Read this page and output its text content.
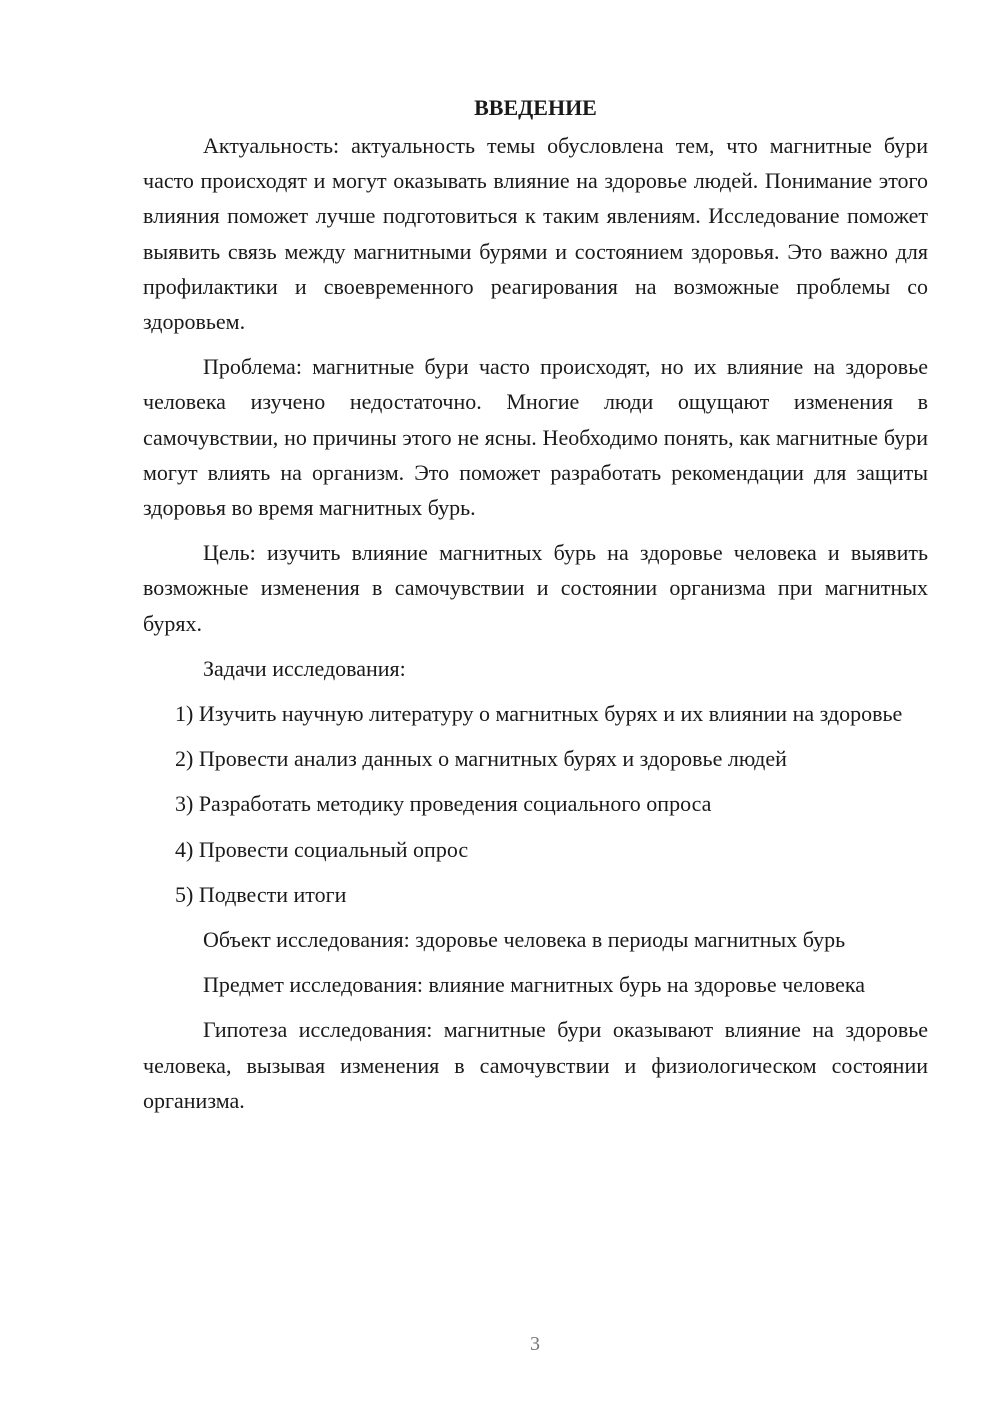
ВВЕДЕНИЕ

Актуальность: актуальность темы обусловлена тем, что магнитные бури часто происходят и могут оказывать влияние на здоровье людей. Понимание этого влияния поможет лучше подготовиться к таким явлениям. Исследование поможет выявить связь между магнитными бурями и состоянием здоровья. Это важно для профилактики и своевременного реагирования на возможные проблемы со здоровьем.

Проблема: магнитные бури часто происходят, но их влияние на здоровье человека изучено недостаточно. Многие люди ощущают изменения в самочувствии, но причины этого не ясны. Необходимо понять, как магнитные бури могут влиять на организм. Это поможет разработать рекомендации для защиты здоровья во время магнитных бурь.

Цель: изучить влияние магнитных бурь на здоровье человека и выявить возможные изменения в самочувствии и состоянии организма при магнитных бурях.

Задачи исследования:

1) Изучить научную литературу о магнитных бурях и их влиянии на здоровье

2) Провести анализ данных о магнитных бурях и здоровье людей

3) Разработать методику проведения социального опроса

4) Провести социальный опрос

5) Подвести итоги

Объект исследования: здоровье человека в периоды магнитных бурь

Предмет исследования: влияние магнитных бурь на здоровье человека

Гипотеза исследования: магнитные бури оказывают влияние на здоровье человека, вызывая изменения в самочувствии и физиологическом состоянии организма.

3
